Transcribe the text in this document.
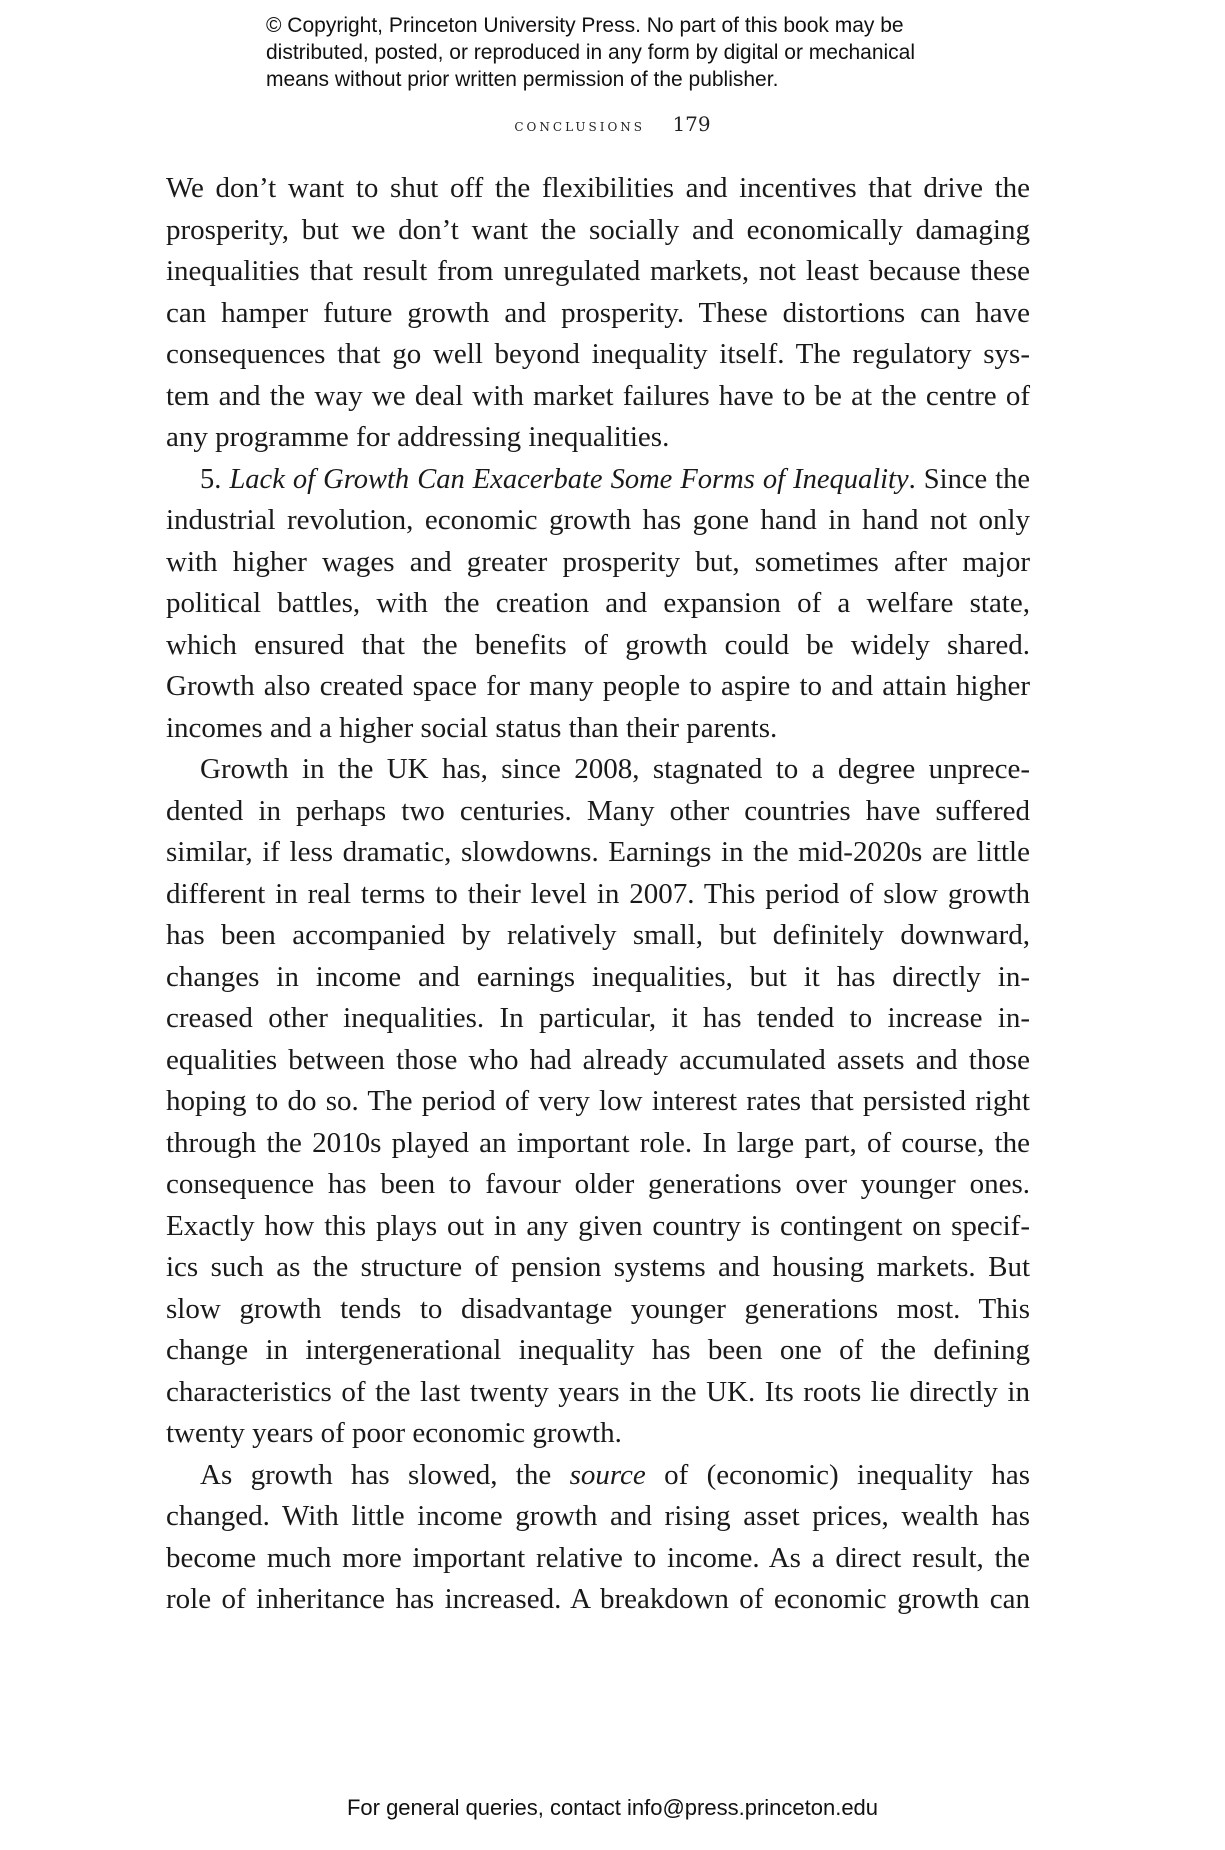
© Copyright, Princeton University Press. No part of this book may be
distributed, posted, or reproduced in any form by digital or mechanical
means without prior written permission of the publisher.
conclusions 179

We don’t want to shut off the flexibilities and incentives that drive the

prosperity, but we don’t want the socially and economically damaging

inequalities that result from unregulated markets, not least because these

can hamper future growth and prosperity. These distortions can have

consequences that go well beyond inequality itself. The regulatory sys-

tem and the way we deal with market failures have to be at the centre of

any programme for addressing inequalities.

5. Lack of Growth Can Exacerbate Some Forms of Inequality. Since the

industrial revolution, economic growth has gone hand in hand not only

with higher wages and greater prosperity but, sometimes after major

political battles, with the creation and expansion of a welfare state,

which ensured that the benefits of growth could be widely shared.

Growth also created space for many people to aspire to and attain higher

incomes and a higher social status than their parents.

Growth in the UK has, since 2008, stagnated to a degree unprece-

dented in perhaps two centuries. Many other countries have suffered

similar, if less dramatic, slowdowns. Earnings in the mid-2020s are little

different in real terms to their level in 2007. This period of slow growth

has been accompanied by relatively small, but definitely downward,

changes in income and earnings inequalities, but it has directly in-

creased other inequalities. In particular, it has tended to increase in-

equalities between those who had already accumulated assets and those

hoping to do so. The period of very low interest rates that persisted right

through the 2010s played an important role. In large part, of course, the

consequence has been to favour older generations over younger ones.

Exactly how this plays out in any given country is contingent on specif-

ics such as the structure of pension systems and housing markets. But

slow growth tends to disadvantage younger generations most. This

change in intergenerational inequality has been one of the defining

characteristics of the last twenty years in the UK. Its roots lie directly in

twenty years of poor economic growth.

As growth has slowed, the source of (economic) inequality has

changed. With little income growth and rising asset prices, wealth has

become much more important relative to income. As a direct result, the

role of inheritance has increased. A breakdown of economic growth can

For general queries, contact info@press.princeton.edu
